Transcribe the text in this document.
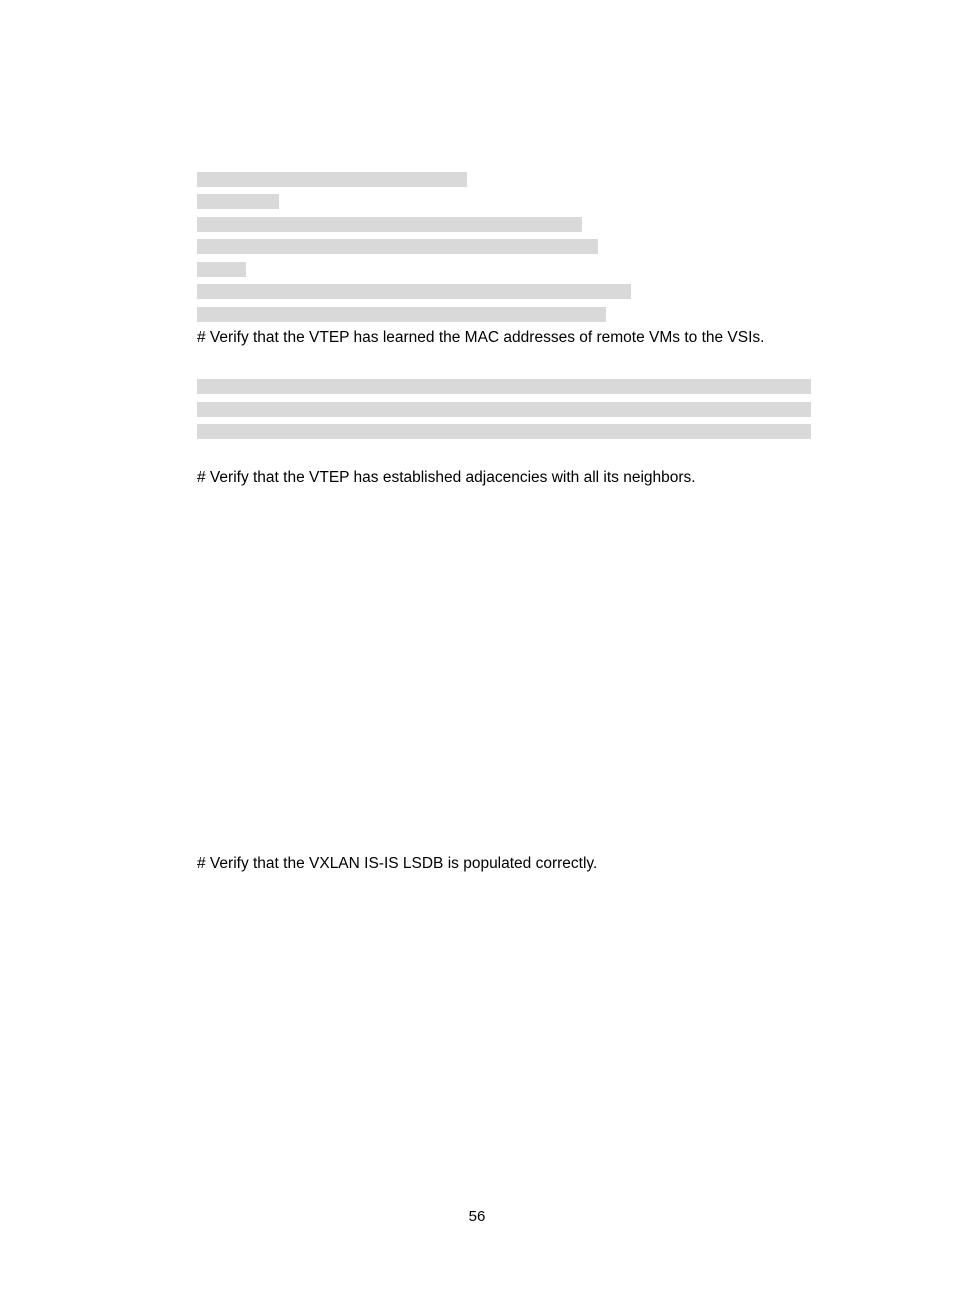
# Verify that the VTEP has learned the MAC addresses of remote VMs to the VSIs.
# Verify that the VTEP has established adjacencies with all its neighbors.
# Verify that the VXLAN IS-IS LSDB is populated correctly.
56
